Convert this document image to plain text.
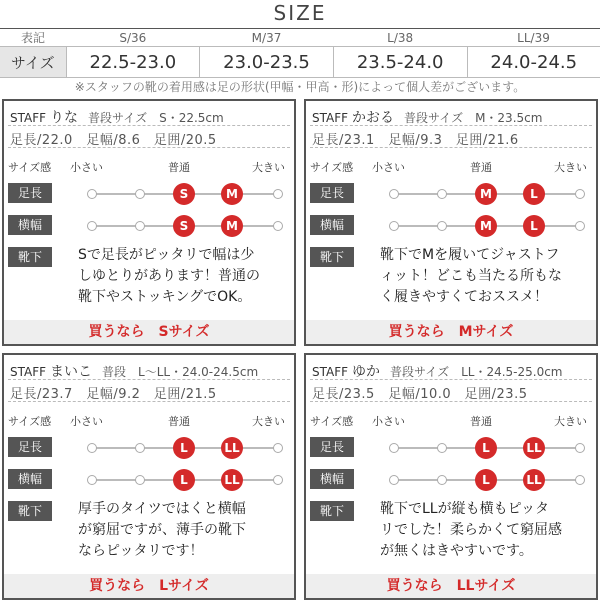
SIZE
表記	S/36	M/37	L/38	LL/39
サイズ	22.5-23.0	23.0-23.5	23.5-24.0	24.0-24.5
※スタッフの靴の着用感は足の形状(甲幅・甲高・形)によって個人差がございます。
STAFF りな 普段サイズ　S・22.5cm
足長/22.0　足幅/8.6　足囲/20.5
サイズ感 小さい	普通	大きい
足長	S	M
横幅	S	M
靴下	Sで足長がピッタリで幅は少
しゆとりがあります！普通の
靴下やストッキングでOK。
買うなら　Sサイズ
STAFF かおる 普段サイズ　M・23.5cm
足長/23.1　足幅/9.3　足囲/21.6
サイズ感 小さい	普通	大きい
足長	M	L
横幅	M	L
靴下	靴下でMを履いてジャストフ
ィット！どこも当たる所もな
く履きやすくておススメ！
買うなら　Mサイズ
STAFF まいこ 普段　L～LL・24.0-24.5cm
足長/23.7　足幅/9.2　足囲/21.5
サイズ感 小さい	普通	大きい
足長	L	LL
横幅	L	LL
靴下	厚手のタイツではくと横幅
が窮屈ですが、薄手の靴下
ならピッタリです！
買うなら　Lサイズ
STAFF ゆか 普段サイズ　LL・24.5-25.0cm
足長/23.5　足幅/10.0　足囲/23.5
サイズ感 小さい	普通	大きい
足長	L	LL
横幅	L	LL
靴下	靴下でLLが縦も横もピッタ
リでした！柔らかくて窮屈感
が無くはきやすいです。
買うなら　LLサイズ
